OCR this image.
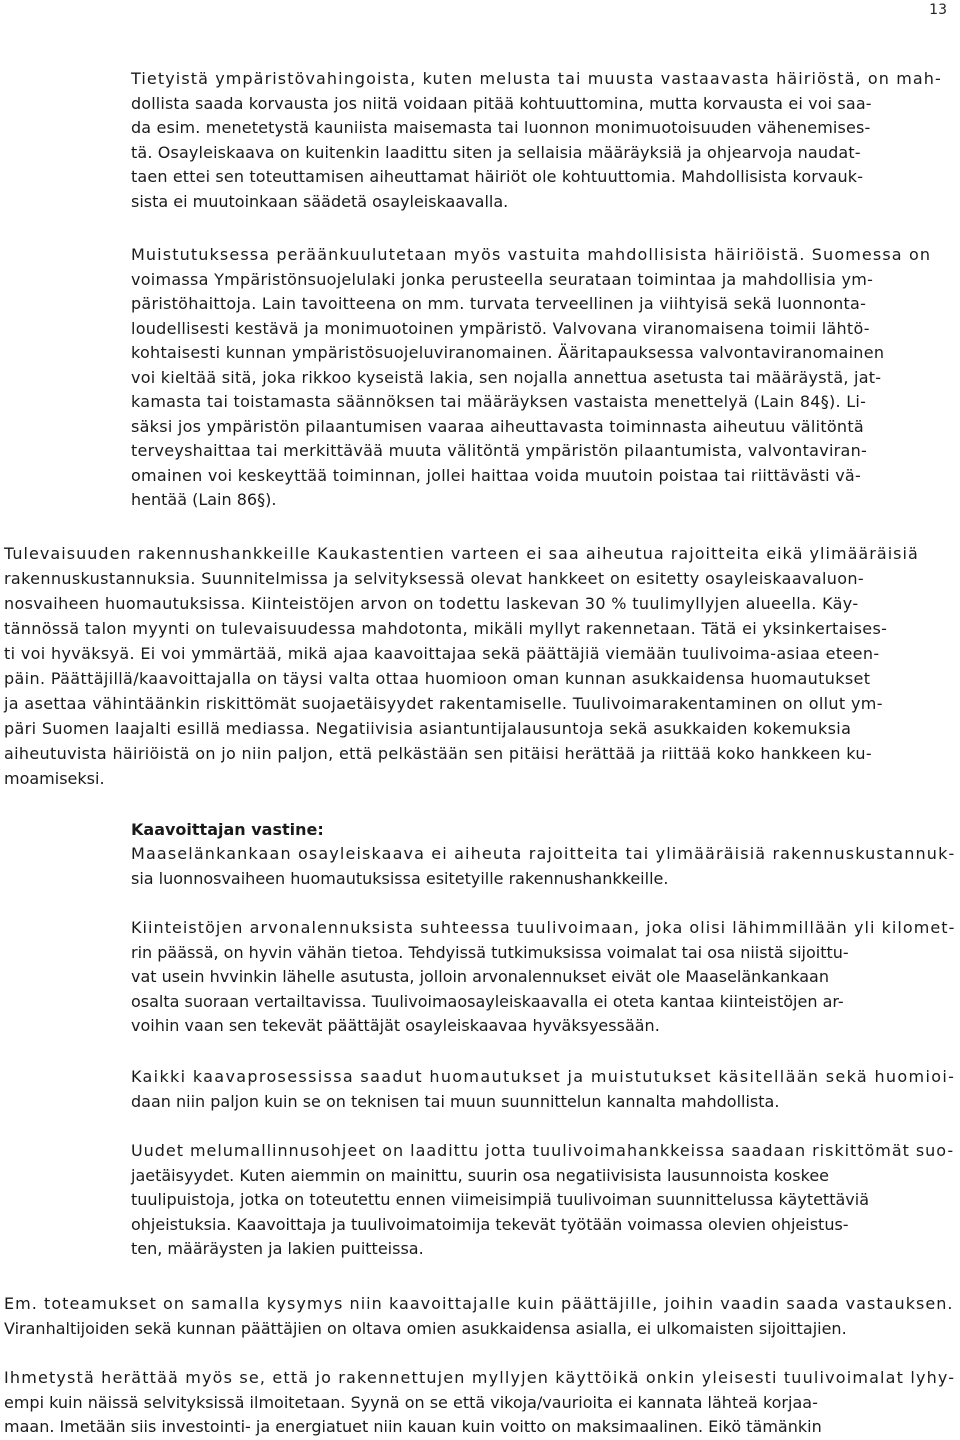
13
Tietyistä ympäristövahingoista, kuten melusta tai muusta vastaavasta häiriöstä, on mah-
dollista saada korvausta jos niitä voidaan pitää kohtuuttomina, mutta korvausta ei voi saa-
da esim. menetetystä kauniista maisemasta tai luonnon monimuotoisuuden vähenemises-
tä. Osayleiskaava on kuitenkin laadittu siten ja sellaisia määräyksiä ja ohjearvoja naudat-
taen ettei sen toteuttamisen aiheuttamat häiriöt ole kohtuuttomia. Mahdollisista korvauk-
sista ei muutoinkaan säädetä osayleiskaavalla.
Muistutuksessa peräänkuulutetaan myös vastuita mahdollisista häiriöistä. Suomessa on
voimassa Ympäristönsuojelulaki jonka perusteella seurataan toimintaa ja mahdollisia ym-
päristöhaittoja. Lain tavoitteena on mm. turvata terveellinen ja viihtyisä sekä luonnonta-
loudellisesti kestävä ja monimuotoinen ympäristö. Valvovana viranomaisena toimii lähtö-
kohtaisesti kunnan ympäristösuojeluviranomainen. Ääritapauksessa valvontaviranomainen
voi kieltää sitä, joka rikkoo kyseistä lakia, sen nojalla annettua asetusta tai määräystä, jat-
kamasta tai toistamasta säännöksen tai määräyksen vastaista menettelyä (Lain 84§). Li-
säksi jos ympäristön pilaantumisen vaaraa aiheuttavasta toiminnasta aiheutuu välitöntä
terveyshaittaa tai merkittävää muuta välitöntä ympäristön pilaantumista, valvontaviran-
omainen voi keskeyttää toiminnan, jollei haittaa voida muutoin poistaa tai riittävästi vä-
hentää (Lain 86§).
Tulevaisuuden rakennushankkeille Kaukastentien varteen ei saa aiheutua rajoitteita eikä ylimääräisiä
rakennuskustannuksia. Suunnitelmissa ja selvityksessä olevat hankkeet on esitetty osayleiskaavaluon-
nosvaiheen huomautuksissa. Kiinteistöjen arvon on todettu laskevan 30 % tuulimyllyjen alueella. Käy-
tännössä talon myynti on tulevaisuudessa mahdotonta, mikäli myllyt rakennetaan. Tätä ei yksinkertaises-
ti voi hyväksyä. Ei voi ymmärtää, mikä ajaa kaavoittajaa sekä päättäjiä viemään tuulivoima-asiaa eteen-
päin. Päättäjillä/kaavoittajalla on täysi valta ottaa huomioon oman kunnan asukkaidensa huomautukset
ja asettaa vähintäänkin riskittömät suojaetäisyydet rakentamiselle. Tuulivoimarakentaminen on ollut ym-
päri Suomen laajalti esillä mediassa. Negatiivisia asiantuntijalausuntoja sekä asukkaiden kokemuksia
aiheutuvista häiriöistä on jo niin paljon, että pelkästään sen pitäisi herättää ja riittää koko hankkeen ku-
moamiseksi.
Kaavoittajan vastine:
Maaselänkankaan osayleiskaava ei aiheuta rajoitteita tai ylimääräisiä rakennuskustannuk-
sia luonnosvaiheen huomautuksissa esitetyille rakennushankkeille.
Kiinteistöjen arvonalennuksista suhteessa tuulivoimaan, joka olisi lähimmillään yli kilomet-
rin päässä, on hyvin vähän tietoa. Tehdyissä tutkimuksissa voimalat tai osa niistä sijoittu-
vat usein hvvinkin lähelle asutusta, jolloin arvonalennukset eivät ole Maaselänkankaan
osalta suoraan vertailtavissa. Tuulivoimaosayleiskaavalla ei oteta kantaa kiinteistöjen ar-
voihin vaan sen tekevät päättäjät osayleiskaavaa hyväksyessään.
Kaikki kaavaprosessissa saadut huomautukset ja muistutukset käsitellään sekä huomioi-
daan niin paljon kuin se on teknisen tai muun suunnittelun kannalta mahdollista.
Uudet melumallinnusohjeet on laadittu jotta tuulivoimahankkeissa saadaan riskittömät suo-
jaetäisyydet. Kuten aiemmin on mainittu, suurin osa negatiivisista lausunnoista koskee
tuulipuistoja, jotka on toteutettu ennen viimeisimpiä tuulivoiman suunnittelussa käytettäviä
ohjeistuksia. Kaavoittaja ja tuulivoimatoimija tekevät työtään voimassa olevien ohjeistus-
ten, määräysten ja lakien puitteissa.
Em. toteamukset on samalla kysymys niin kaavoittajalle kuin päättäjille, joihin vaadin saada vastauksen.
Viranhaltijoiden sekä kunnan päättäjien on oltava omien asukkaidensa asialla, ei ulkomaisten sijoittajien.
Ihmetystä herättää myös se, että jo rakennettujen myllyjen käyttöikä onkin yleisesti tuulivoimalat lyhy-
empi kuin näissä selvityksissä ilmoitetaan. Syynä on se että vikoja/vaurioita ei kannata lähteä korjaa-
maan. Imetään siis investointi- ja energiatuet niin kauan kuin voitto on maksimaalinen. Eikö tämänkin
